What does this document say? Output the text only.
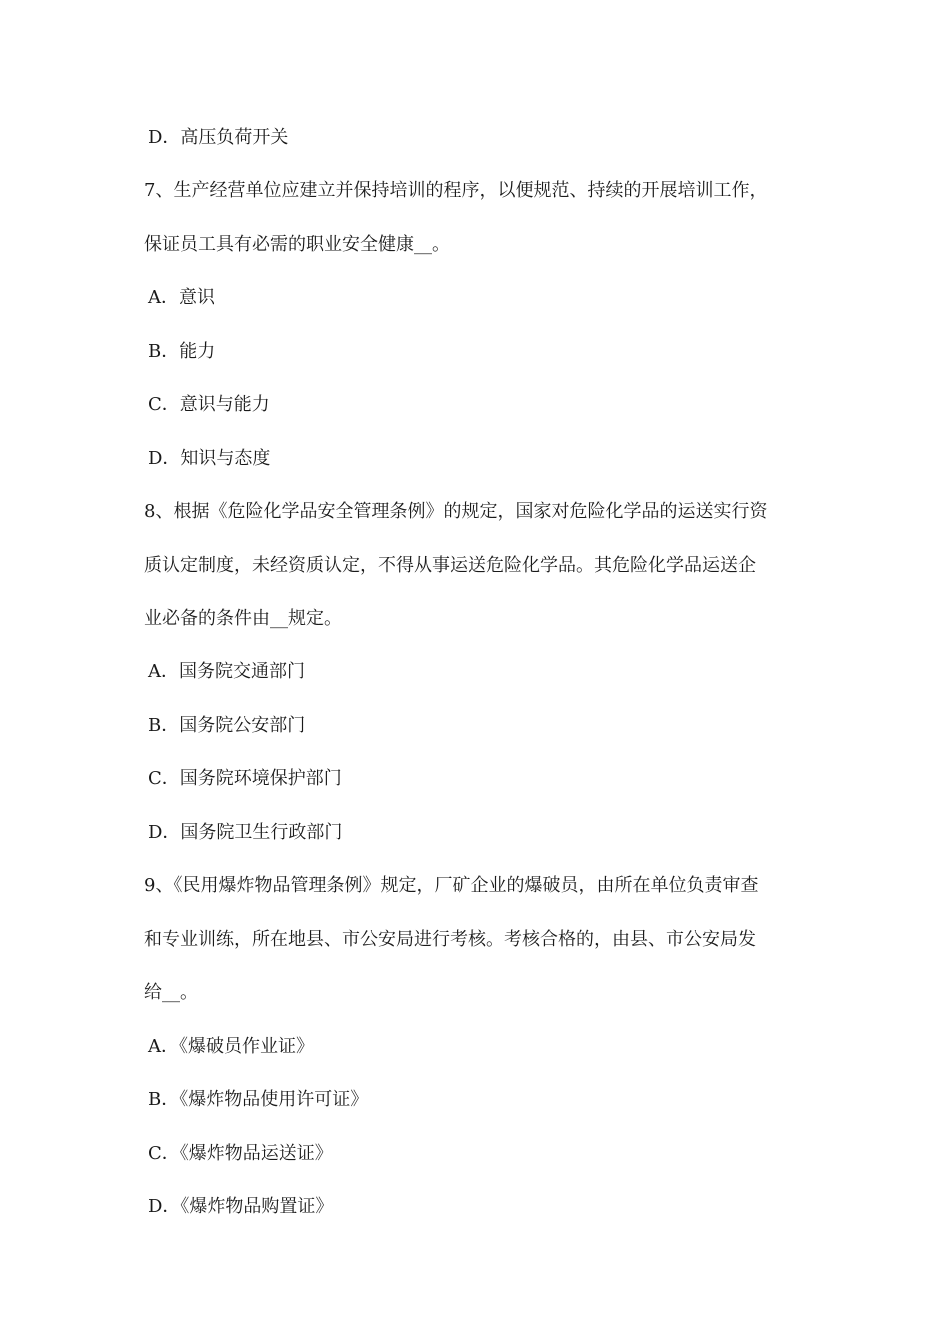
D．高压负荷开关
7、生产经营单位应建立并保持培训的程序，以便规范、持续的开展培训工作，
保证员工具有必需的职业安全健康__。
A．意识
B．能力
C．意识与能力
D．知识与态度
8、根据《危险化学品安全管理条例》的规定，国家对危险化学品的运送实行资
质认定制度，未经资质认定，不得从事运送危险化学品。其危险化学品运送企
业必备的条件由__规定。
A．国务院交通部门
B．国务院公安部门
C．国务院环境保护部门
D．国务院卫生行政部门
9、《民用爆炸物品管理条例》规定，厂矿企业的爆破员，由所在单位负责审查
和专业训练，所在地县、市公安局进行考核。考核合格的，由县、市公安局发
给__。
A．《爆破员作业证》
B．《爆炸物品使用许可证》
C．《爆炸物品运送证》
D．《爆炸物品购置证》
